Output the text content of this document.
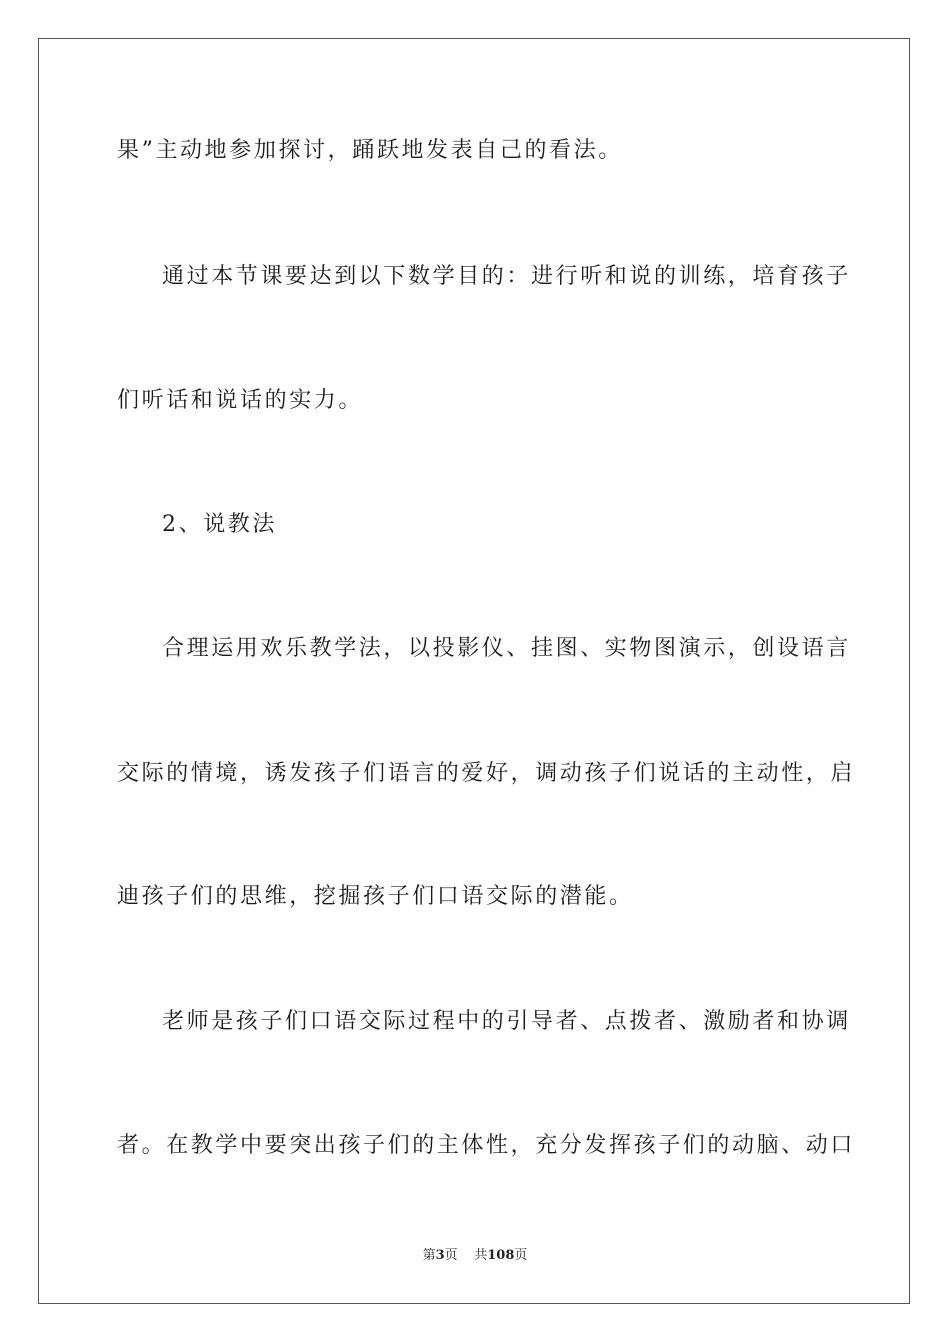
果”主动地参加探讨，踊跃地发表自己的看法。
通过本节课要达到以下数学目的：进行听和说的训练，培育孩子
们听话和说话的实力。
2、说教法
合理运用欢乐教学法，以投影仪、挂图、实物图演示，创设语言
交际的情境，诱发孩子们语言的爱好，调动孩子们说话的主动性，启
迪孩子们的思维，挖掘孩子们口语交际的潜能。
老师是孩子们口语交际过程中的引导者、点拨者、激励者和协调
者。在教学中要突出孩子们的主体性，充分发挥孩子们的动脑、动口
第3页 共108页
